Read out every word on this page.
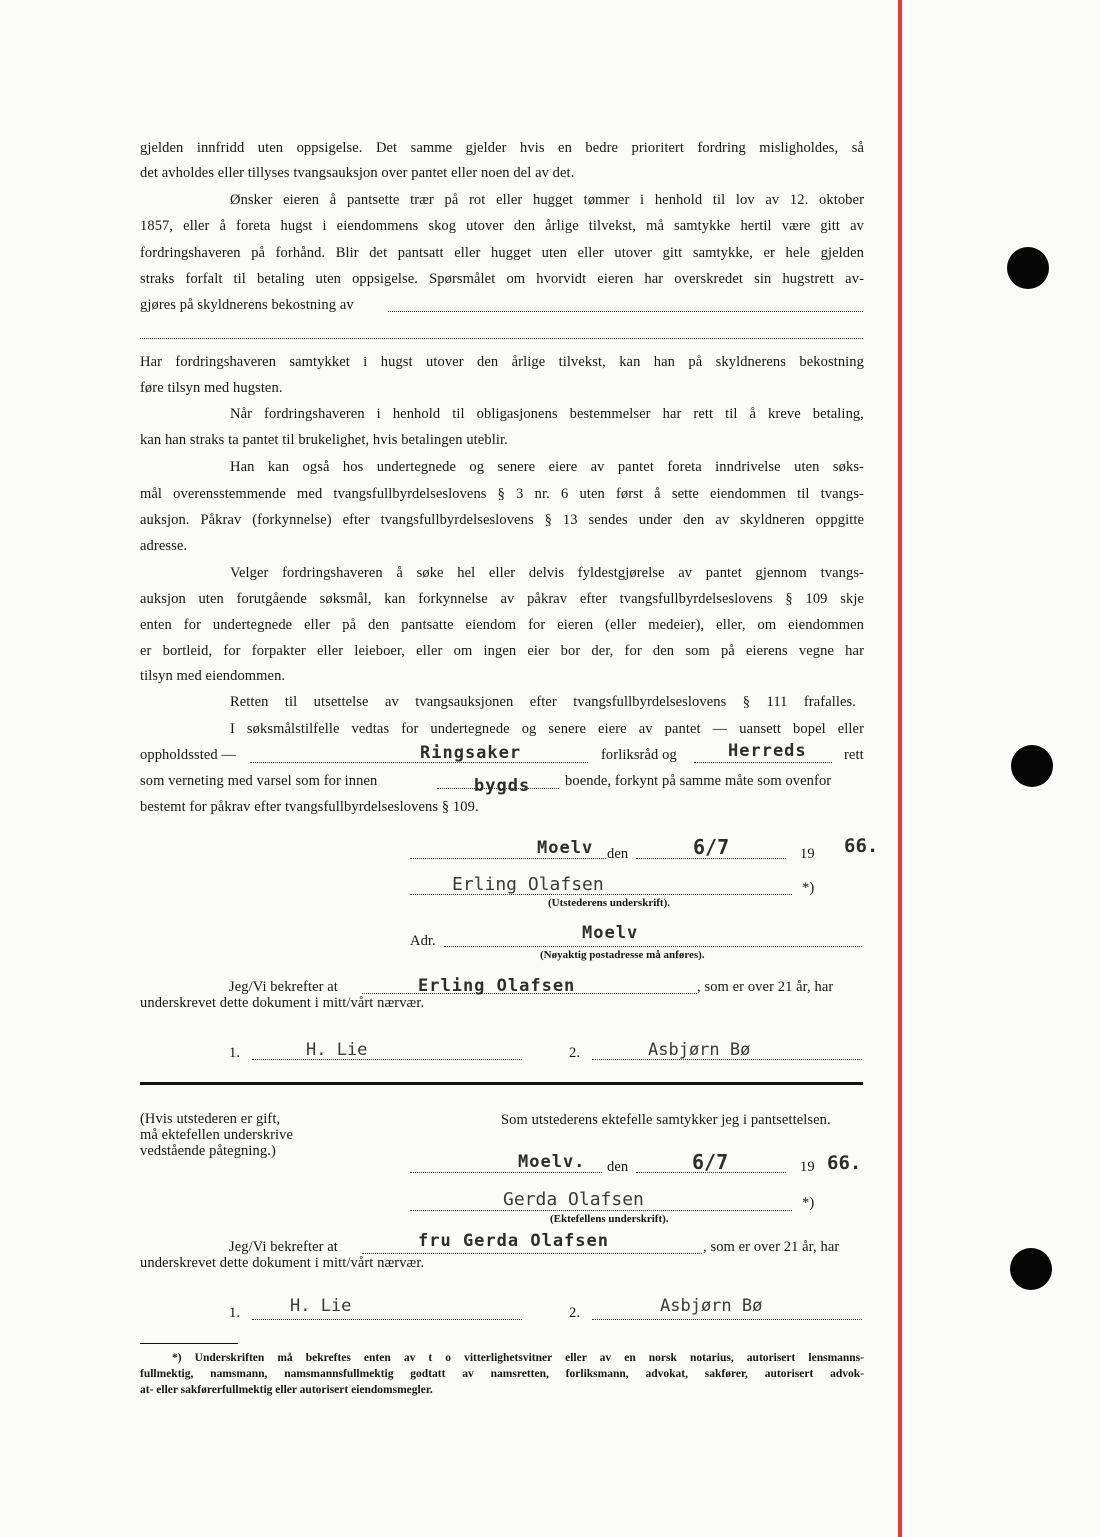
gjelden innfridd uten oppsigelse. Det samme gjelder hvis en bedre prioritert fordring misligholdes, så
det avholdes eller tillyses tvangsauksjon over pantet eller noen del av det.
Ønsker eieren å pantsette trær på rot eller hugget tømmer i henhold til lov av 12. oktober
1857, eller å foreta hugst i eiendommens skog utover den årlige tilvekst, må samtykke hertil være gitt av
fordringshaveren på forhånd. Blir det pantsatt eller hugget uten eller utover gitt samtykke, er hele gjelden
straks forfalt til betaling uten oppsigelse. Spørsmålet om hvorvidt eieren har overskredet sin hugstrett av-
gjøres på skyldnerens bekostning av
Har fordringshaveren samtykket i hugst utover den årlige tilvekst, kan han på skyldnerens bekostning
føre tilsyn med hugsten.
Når fordringshaveren i henhold til obligasjonens bestemmelser har rett til å kreve betaling,
kan han straks ta pantet til brukelighet, hvis betalingen uteblir.
Han kan også hos undertegnede og senere eiere av pantet foreta inndrivelse uten søks-
mål overensstemmende med tvangsfullbyrdelseslovens § 3 nr. 6 uten først å sette eiendommen til tvangs-
auksjon. Påkrav (forkynnelse) efter tvangsfullbyrdelseslovens § 13 sendes under den av skyldneren oppgitte
adresse.
Velger fordringshaveren å søke hel eller delvis fyldestgjørelse av pantet gjennom tvangs-
auksjon uten forutgående søksmål, kan forkynnelse av påkrav efter tvangsfullbyrdelseslovens § 109 skje
enten for undertegnede eller på den pantsatte eiendom for eieren (eller medeier), eller, om eiendommen
er bortleid, for forpakter eller leieboer, eller om ingen eier bor der, for den som på eierens vegne har
tilsyn med eiendommen.
Retten til utsettelse av tvangsauksjonen efter tvangsfullbyrdelseslovens § 111 frafalles.
I søksmålstilfelle vedtas for undertegnede og senere eiere av pantet — uansett bopel eller
oppholdssted —	Ringsaker	forliksråd og	Herreds	rett
som verneting med varsel som for innen	bygds boende, forkynt på samme måte som ovenfor
bestemt for påkrav efter tvangsfullbyrdelseslovens § 109.
Moelv den	6/7	19 66.
Erling Olafsen	*)
(Utstederens underskrift).
Adr.	Moelv
(Nøyaktig postadresse må anføres).
Jeg/Vi bekrefter at	Erling Olafsen	, som er over 21 år, har
underskrevet dette dokument i mitt/vårt nærvær.
1.	H. Lie	2.	Asbjørn Bø
(Hvis utstederen er gift,
må ektefellen underskrive
vedstående påtegning.)
Som utstederens ektefelle samtykker jeg i pantsettelsen.
Moelv. den	6/7	19 66.
Gerda Olafsen	*)
(Ektefellens underskrift).
Jeg/Vi bekrefter at	fru Gerda Olafsen	, som er over 21 år, har
underskrevet dette dokument i mitt/vårt nærvær.
1.	H. Lie	2.	Asbjørn Bø
*) Underskriften må bekreftes enten av t o vitterlighetsvitner eller av en norsk notarius, autorisert lensmanns-
fullmektig, namsmann, namsmannsfullmektig godtatt av namsretten, forliksmann, advokat, sakfører, autorisert advok-
at- eller sakførerfullmektig eller autorisert eiendomsmegler.
